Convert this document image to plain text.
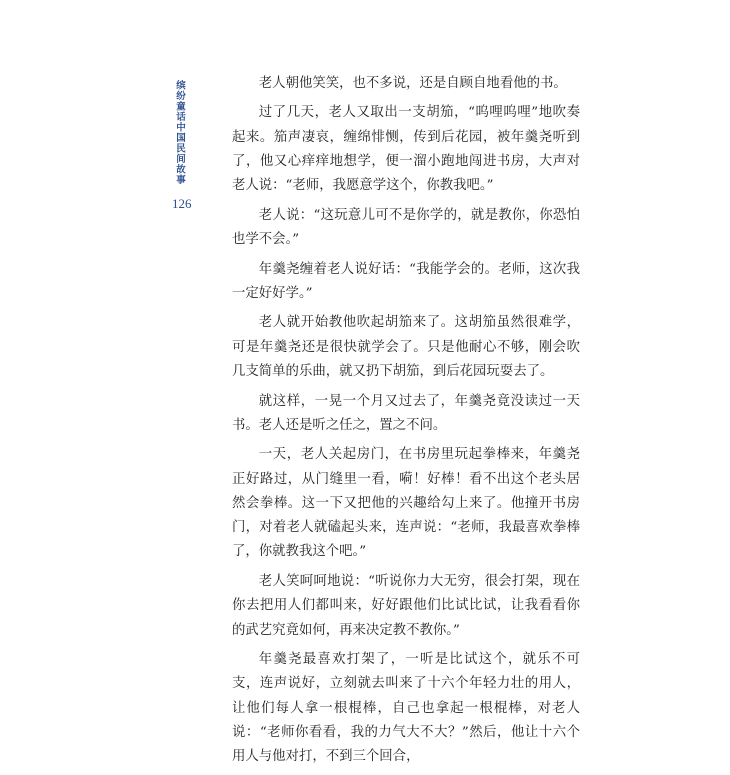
缤纷童话中国民间故事
126

老人朝他笑笑，也不多说，还是自顾自地看他的书。

过了几天，老人又取出一支胡笳，“呜哩呜哩”地吹奏起来。笳声凄哀，缠绵悱恻，传到后花园，被年羹尧听到了，他又心痒痒地想学，便一溜小跑地闯进书房，大声对老人说：“老师，我愿意学这个，你教我吧。”

老人说：“这玩意儿可不是你学的，就是教你，你恐怕也学不会。”

年羹尧缠着老人说好话：“我能学会的。老师，这次我一定好好学。”

老人就开始教他吹起胡笳来了。这胡笳虽然很难学，可是年羹尧还是很快就学会了。只是他耐心不够，刚会吹几支简单的乐曲，就又扔下胡笳，到后花园玩耍去了。

就这样，一晃一个月又过去了，年羹尧竟没读过一天书。老人还是听之任之，置之不问。

一天，老人关起房门，在书房里玩起拳棒来，年羹尧正好路过，从门缝里一看，嗬！好棒！看不出这个老头居然会拳棒。这一下又把他的兴趣给勾上来了。他撞开书房门，对着老人就磕起头来，连声说：“老师，我最喜欢拳棒了，你就教我这个吧。”

老人笑呵呵地说：“听说你力大无穷，很会打架，现在你去把用人们都叫来，好好跟他们比试比试，让我看看你的武艺究竟如何，再来决定教不教你。”

年羹尧最喜欢打架了，一听是比试这个，就乐不可支，连声说好，立刻就去叫来了十六个年轻力壮的用人，让他们每人拿一根棍棒，自己也拿起一根棍棒，对老人说：“老师你看看，我的力气大不大？”然后，他让十六个用人与他对打，不到三个回合，
